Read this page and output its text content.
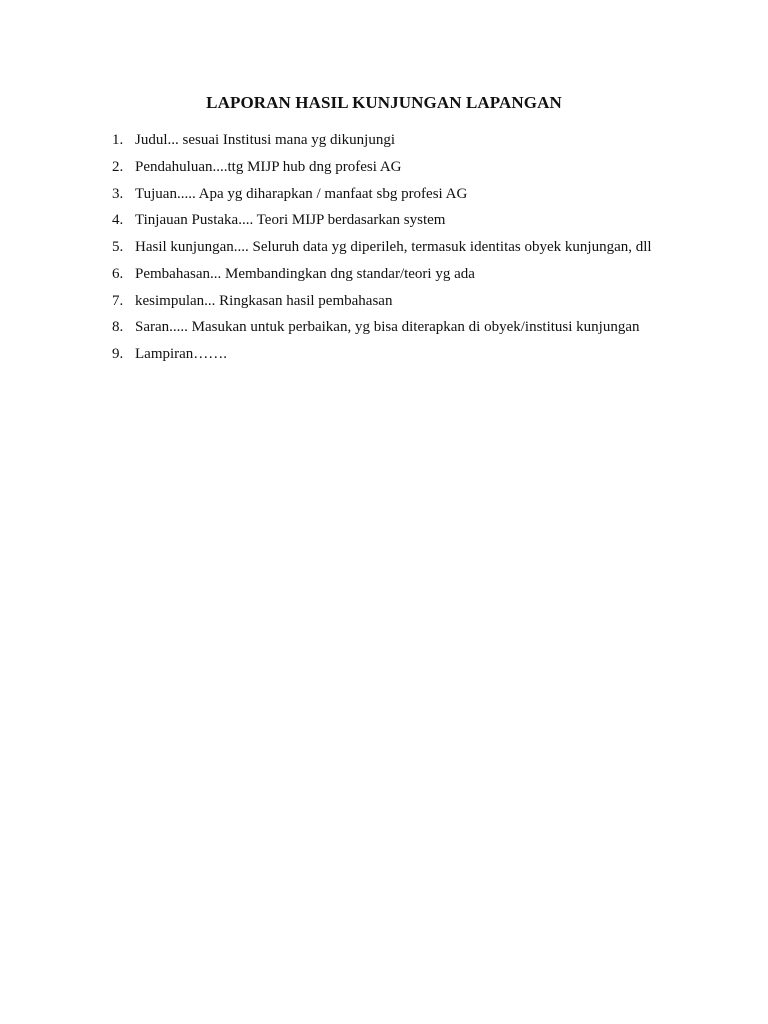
LAPORAN HASIL KUNJUNGAN LAPANGAN
1. Judul... sesuai Institusi mana yg dikunjungi
2. Pendahuluan....ttg MIJP hub dng profesi AG
3. Tujuan..... Apa yg diharapkan / manfaat sbg profesi AG
4. Tinjauan Pustaka.... Teori MIJP berdasarkan system
5. Hasil kunjungan.... Seluruh data yg diperileh, termasuk identitas obyek kunjungan, dll
6. Pembahasan... Membandingkan dng standar/teori yg ada
7. kesimpulan... Ringkasan hasil pembahasan
8. Saran..... Masukan untuk perbaikan, yg bisa diterapkan di obyek/institusi kunjungan
9. Lampiran…….
